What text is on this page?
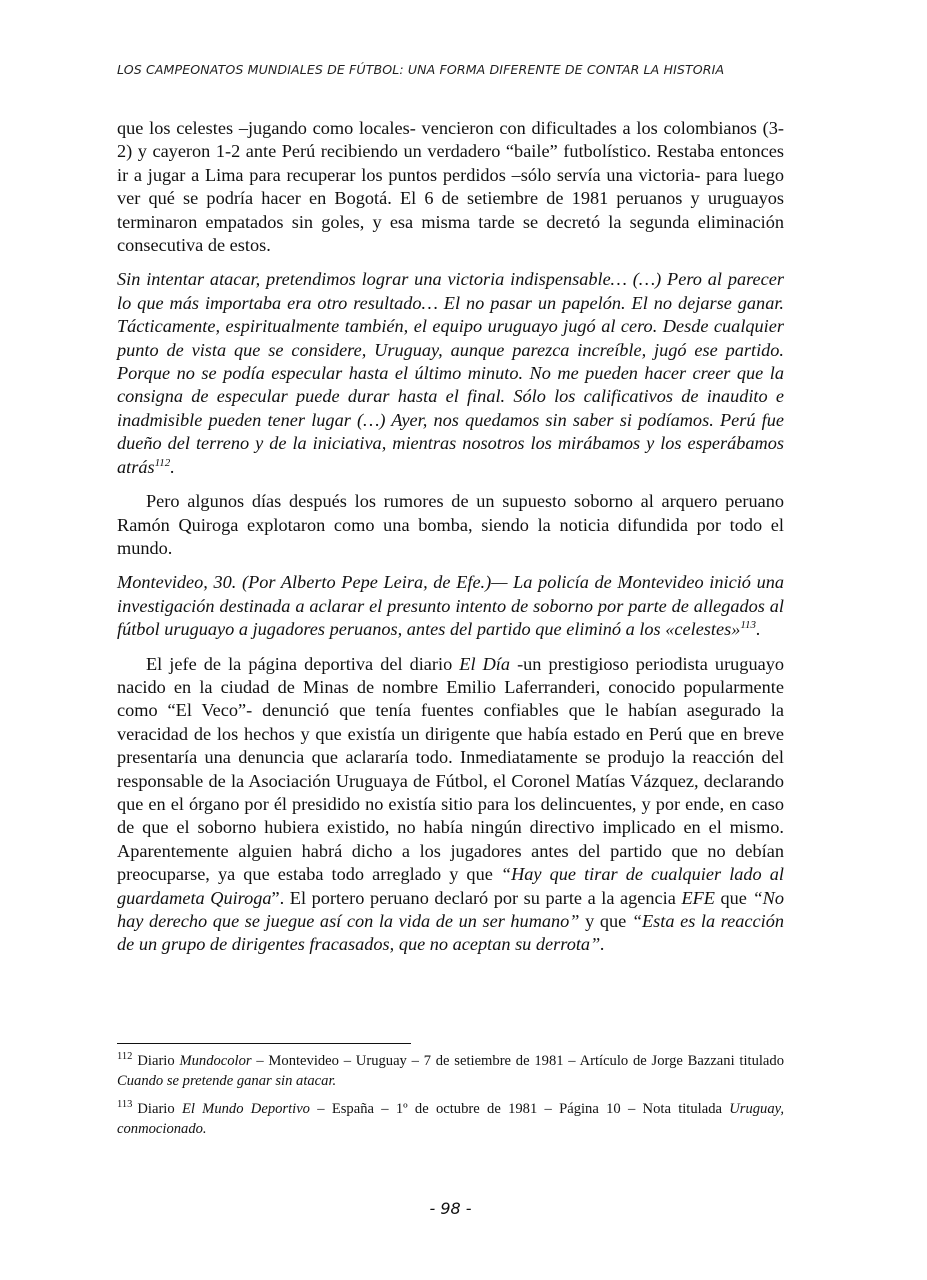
LOS CAMPEONATOS MUNDIALES DE FÚTBOL: UNA FORMA DIFERENTE DE CONTAR LA HISTORIA

que los celestes –jugando como locales- vencieron con dificultades a los colombianos (3-2) y cayeron 1-2 ante Perú recibiendo un verdadero “baile” futbolístico. Restaba entonces ir a jugar a Lima para recuperar los puntos perdidos –sólo servía una victoria- para luego ver qué se podría hacer en Bogotá. El 6 de setiembre de 1981 peruanos y uruguayos terminaron empatados sin goles, y esa misma tarde se decretó la segunda eliminación consecutiva de estos.

Sin intentar atacar, pretendimos lograr una victoria indispensable… (…) Pero al parecer lo que más importaba era otro resultado… El no pasar un papelón. El no dejarse ganar. Tácticamente, espiritualmente también, el equipo uruguayo jugó al cero. Desde cualquier punto de vista que se considere, Uruguay, aunque parezca increíble, jugó ese partido. Porque no se podía especular hasta el último minuto. No me pueden hacer creer que la consigna de especular puede durar hasta el final. Sólo los calificativos de inaudito e inadmisible pueden tener lugar (…) Ayer, nos quedamos sin saber si podíamos. Perú fue dueño del terreno y de la iniciativa, mientras nosotros los mirábamos y los esperábamos atrás$^{112}$.

Pero algunos días después los rumores de un supuesto soborno al arquero peruano Ramón Quiroga explotaron como una bomba, siendo la noticia difundida por todo el mundo.

Montevideo, 30. (Por Alberto Pepe Leira, de Efe.)— La policía de Montevideo inició una investigación destinada a aclarar el presunto intento de soborno por parte de allegados al fútbol uruguayo a jugadores peruanos, antes del partido que eliminó a los «celestes»$^{113}$.

El jefe de la página deportiva del diario El Día -un prestigioso periodista uruguayo nacido en la ciudad de Minas de nombre Emilio Laferranderi, conocido popularmente como “El Veco”- denunció que tenía fuentes confiables que le habían asegurado la veracidad de los hechos y que existía un dirigente que había estado en Perú que en breve presentaría una denuncia que aclararía todo. Inmediatamente se produjo la reacción del responsable de la Asociación Uruguaya de Fútbol, el Coronel Matías Vázquez, declarando que en el órgano por él presidido no existía sitio para los delincuentes, y por ende, en caso de que el soborno hubiera existido, no había ningún directivo implicado en el mismo. Aparentemente alguien habrá dicho a los jugadores antes del partido que no debían preocuparse, ya que estaba todo arreglado y que “Hay que tirar de cualquier lado al guardameta Quiroga”. El portero peruano declaró por su parte a la agencia EFE que “No hay derecho que se juegue así con la vida de un ser humano” y que “Esta es la reacción de un grupo de dirigentes fracasados, que no aceptan su derrota”.

$^{112}$ Diario Mundocolor – Montevideo – Uruguay – 7 de setiembre de 1981 – Artículo de Jorge Bazzani titulado Cuando se pretende ganar sin atacar.

$^{113}$ Diario El Mundo Deportivo – España – 1º de octubre de 1981 – Página 10 – Nota titulada Uruguay, conmocionado.

- 98 -
